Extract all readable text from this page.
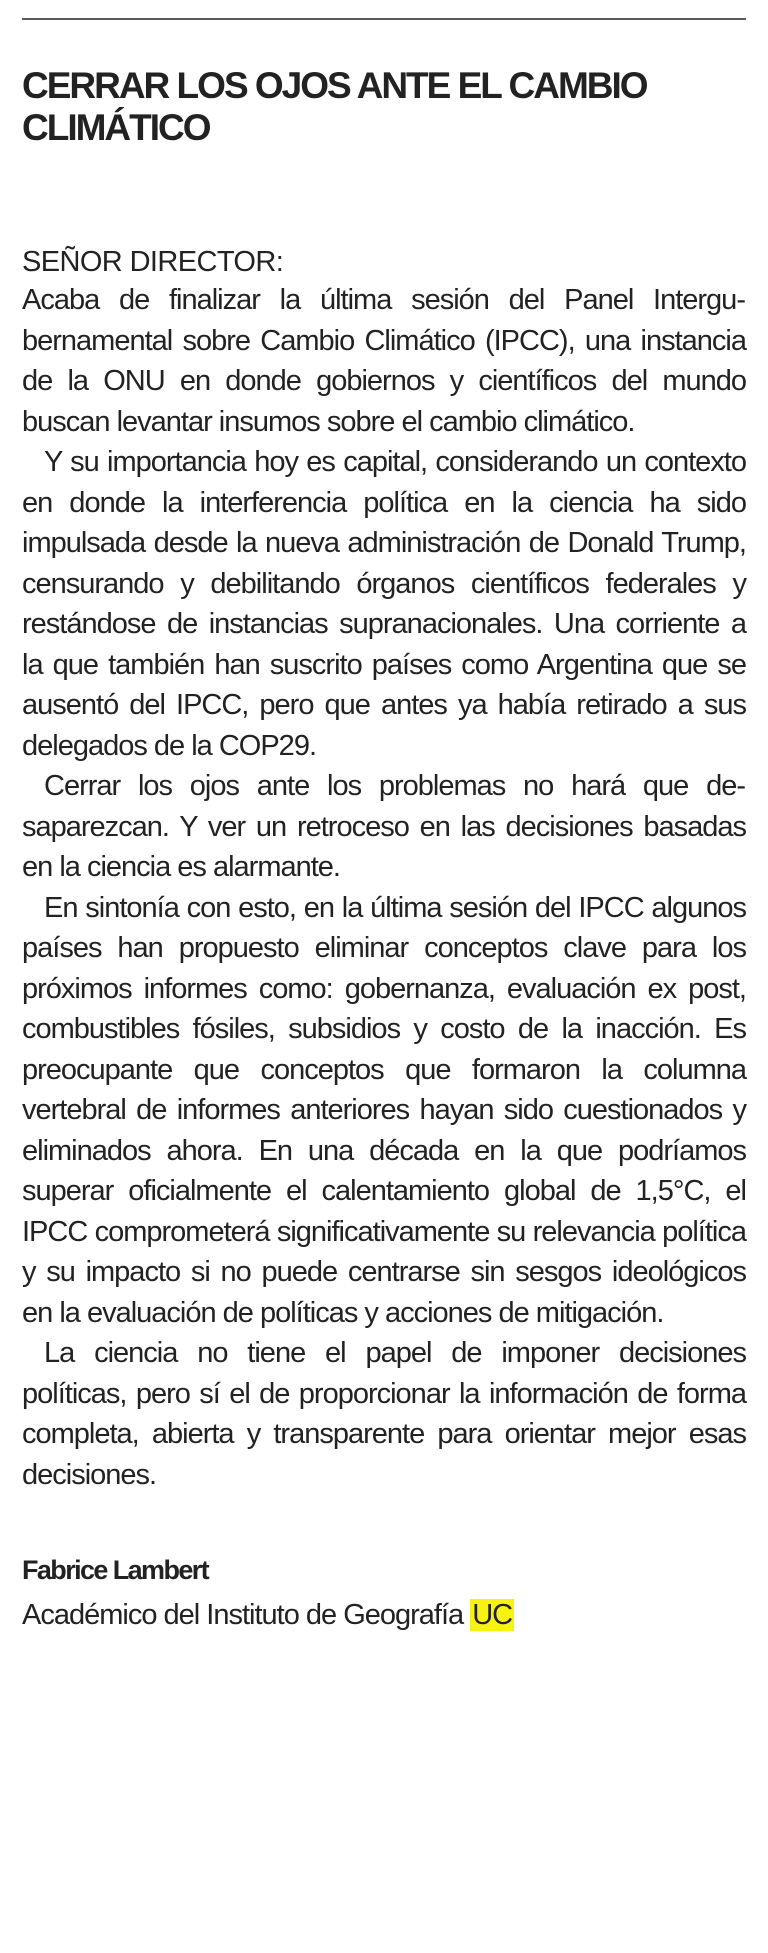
CERRAR LOS OJOS ANTE EL CAMBIO CLIMÁTICO
SEÑOR DIRECTOR:

Acaba de finalizar la última sesión del Panel Intergubernamental sobre Cambio Climático (IPCC), una instancia de la ONU en donde gobiernos y científicos del mundo buscan levantar insumos sobre el cambio climático.

Y su importancia hoy es capital, considerando un contexto en donde la interferencia política en la ciencia ha sido impulsada desde la nueva administración de Donald Trump, censurando y debilitando órganos científicos federales y restándose de instancias supranacionales. Una corriente a la que también han suscrito países como Argentina que se ausentó del IPCC, pero que antes ya había retirado a sus delegados de la COP29.

Cerrar los ojos ante los problemas no hará que desaparezcan. Y ver un retroceso en las decisiones basadas en la ciencia es alarmante.

En sintonía con esto, en la última sesión del IPCC algunos países han propuesto eliminar conceptos clave para los próximos informes como: gobernanza, evaluación ex post, combustibles fósiles, subsidios y costo de la inacción. Es preocupante que conceptos que formaron la columna vertebral de informes anteriores hayan sido cuestionados y eliminados ahora. En una década en la que podríamos superar oficialmente el calentamiento global de 1,5°C, el IPCC comprometerá significativamente su relevancia política y su impacto si no puede centrarse sin sesgos ideológicos en la evaluación de políticas y acciones de mitigación.

La ciencia no tiene el papel de imponer decisiones políticas, pero sí el de proporcionar la información de forma completa, abierta y transparente para orientar mejor esas decisiones.

Fabrice Lambert
Académico del Instituto de Geografía UC
